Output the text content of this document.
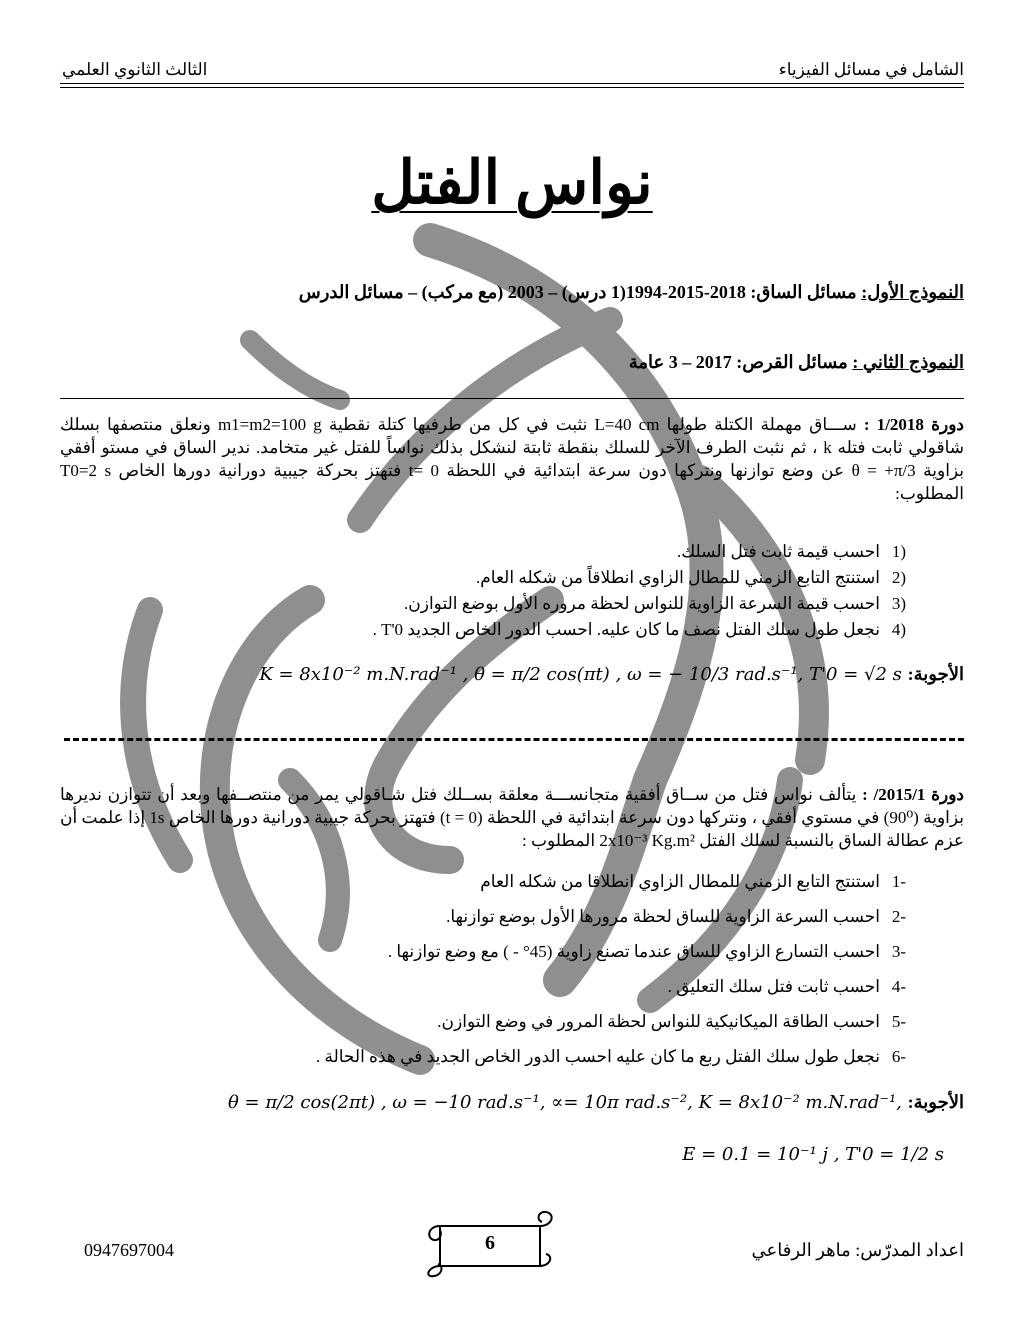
الشامل في مسائل الفيزياء
الثالث الثانوي العلمي
نواس الفتل
النموذج الأول: مسائل الساق: 2018-2015-1994(1 درس) – 2003 (مع مركب) – مسائل الدرس
النموذج الثاني : مسائل القرص: 2017 – 3 عامة
دورة 1/2018 : ســـاق مهملة الكتلة طولها L=40 cm نثبت في كل من طرفيها كتلة نقطية m1=m2=100 g ونعلق منتصفها بسلك شاقولي ثابت فتله k ، ثم نثبت الطرف الآخر للسلك بنقطة ثابتة لنشكل بذلك نواساً للفتل غير متخامد. ندير الساق في مستو أفقي بزاوية θ = +π/3 عن وضع توازنها ونتركها دون سرعة ابتدائية في اللحظة t= 0 فتهتز بحركة جيبية دورانية دورها الخاص T0=2 s المطلوب:
(1احسب قيمة ثابت فتل السلك.
(2استنتج التابع الزمني للمطال الزاوي انطلاقاً من شكله العام.
(3احسب قيمة السرعة الزاوية للنواس لحظة مروره الأول بوضع التوازن.
(4نجعل طول سلك الفتل نصف ما كان عليه. احسب الدور الخاص الجديد T'0 .
الأجوبة: K = 8x10⁻² m.N.rad⁻¹ , θ = π/2 cos(πt) , ω = − 10/3 rad.s⁻¹, T'0 = √2 s
دورة 2015/1/ : يتألف نواس فتل من ســاق أفقية متجانســـة معلقة بســلك فتل شـاقولي يمر من منتصــفها وبعد أن تتوازن نديرها بزاوية (90⁰) في مستوي أفقي ، ونتركها دون سرعة ابتدائية في اللحظة (t = 0) فتهتز بحركة جيبية دورانية دورها الخاص 1s إذا علمت أن عزم عطالة الساق بالنسبة لسلك الفتل 2x10⁻³ Kg.m² المطلوب :
-1استنتج التابع الزمني للمطال الزاوي انطلاقا من شكله العام
-2احسب السرعة الزاوية للساق لحظة مرورها الأول بوضع توازنها.
-3احسب التسارع الزاوي للساق عندما تصنع زاوية (45° - ) مع وضع توازنها .
-4احسب ثابت فتل سلك التعليق .
-5احسب الطاقة الميكانيكية للنواس لحظة المرور في وضع التوازن.
-6نجعل طول سلك الفتل ربع ما كان عليه احسب الدور الخاص الجديد في هذه الحالة .
الأجوبة: θ = π/2 cos(2πt) , ω = −10 rad.s⁻¹, ∝= 10π rad.s⁻², K = 8x10⁻² m.N.rad⁻¹,
E = 0.1 = 10⁻¹ j , T'0 = 1/2 s
اعداد المدرّس: ماهر الرفاعي
0947697004	6
